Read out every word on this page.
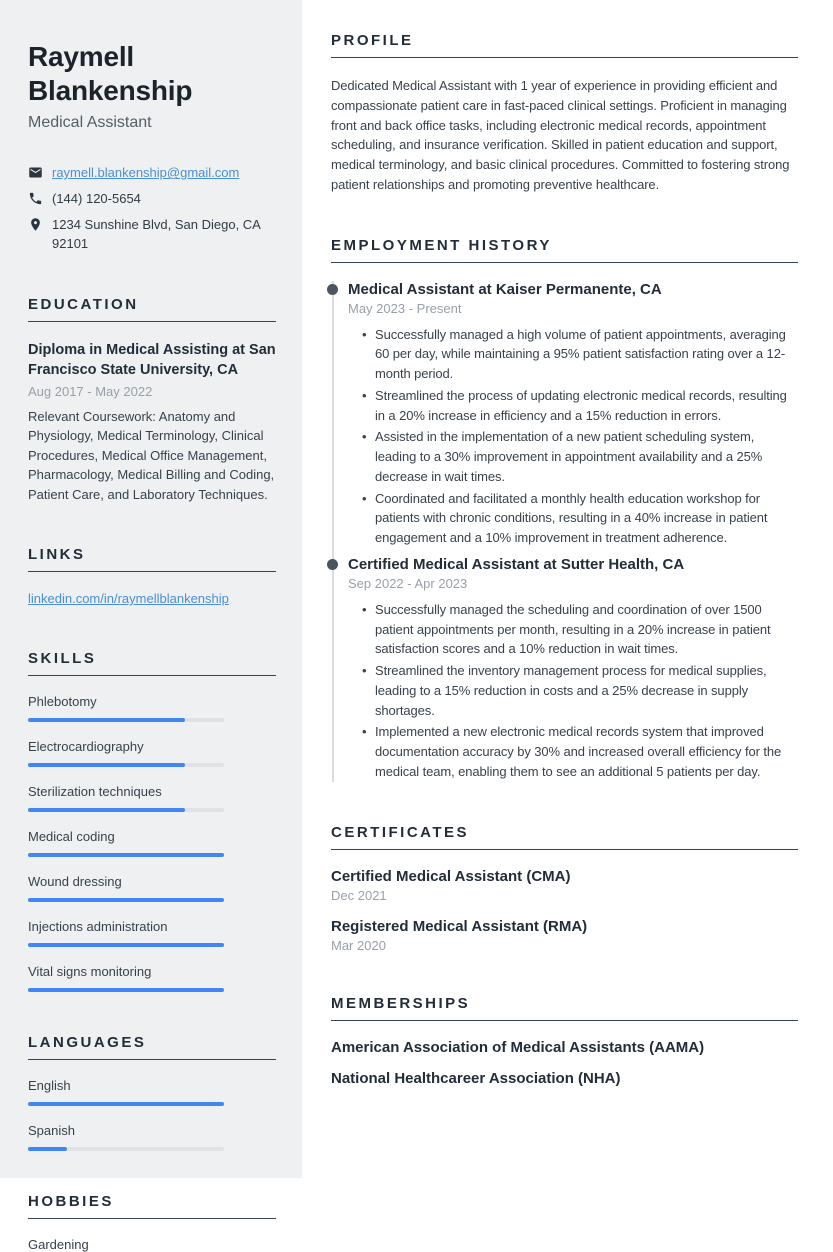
Raymell Blankenship
Medical Assistant
raymell.blankenship@gmail.com
(144) 120-5654
1234 Sunshine Blvd, San Diego, CA 92101
EDUCATION
Diploma in Medical Assisting at San Francisco State University, CA
Aug 2017 - May 2022

Relevant Coursework: Anatomy and Physiology, Medical Terminology, Clinical Procedures, Medical Office Management, Pharmacology, Medical Billing and Coding, Patient Care, and Laboratory Techniques.

LINKS
linkedin.com/in/raymellblankenship
SKILLS
Phlebotomy
Electrocardiography
Sterilization techniques
Medical coding
Wound dressing
Injections administration
Vital signs monitoring
LANGUAGES
English
Spanish
HOBBIES
Gardening
PROFILE

Dedicated Medical Assistant with 1 year of experience in providing efficient and compassionate patient care in fast-paced clinical settings. Proficient in managing front and back office tasks, including electronic medical records, appointment scheduling, and insurance verification. Skilled in patient education and support, medical terminology, and basic clinical procedures. Committed to fostering strong patient relationships and promoting preventive healthcare.

EMPLOYMENT HISTORY
Medical Assistant at Kaiser Permanente, CA
May 2023 - Present
• Successfully managed a high volume of patient appointments, averaging 60 per day, while maintaining a 95% patient satisfaction rating over a 12-month period.
• Streamlined the process of updating electronic medical records, resulting in a 20% increase in efficiency and a 15% reduction in errors.
• Assisted in the implementation of a new patient scheduling system, leading to a 30% improvement in appointment availability and a 25% decrease in wait times.
• Coordinated and facilitated a monthly health education workshop for patients with chronic conditions, resulting in a 40% increase in patient engagement and a 10% improvement in treatment adherence.
Certified Medical Assistant at Sutter Health, CA
Sep 2022 - Apr 2023
• Successfully managed the scheduling and coordination of over 1500 patient appointments per month, resulting in a 20% increase in patient satisfaction scores and a 10% reduction in wait times.
• Streamlined the inventory management process for medical supplies, leading to a 15% reduction in costs and a 25% decrease in supply shortages.
• Implemented a new electronic medical records system that improved documentation accuracy by 30% and increased overall efficiency for the medical team, enabling them to see an additional 5 patients per day.
CERTIFICATES
Certified Medical Assistant (CMA)
Dec 2021
Registered Medical Assistant (RMA)
Mar 2020
MEMBERSHIPS

American Association of Medical Assistants (AAMA)

National Healthcareer Association (NHA)
